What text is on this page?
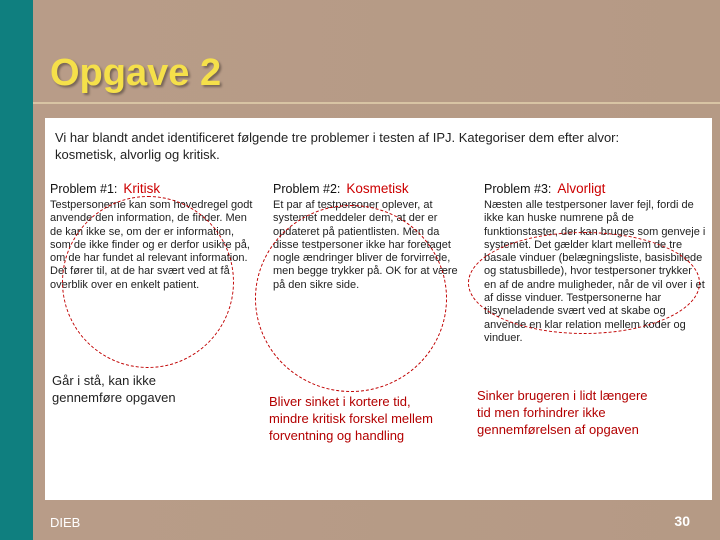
Opgave 2
Vi har blandt andet identificeret følgende tre problemer i testen af IPJ. Kategoriser dem efter alvor: kosmetisk, alvorlig og kritisk.
Problem #1: Kritisk
Testpersonerne kan som hovedregel godt anvende den information, de finder. Men de kan ikke se, om der er information, som de ikke finder og er derfor usikre på, om de har fundet al relevant information. Det fører til, at de har svært ved at få overblik over en enkelt patient.
Går i stå, kan ikke gennemføre opgaven
Problem #2: Kosmetisk
Et par af testpersoner oplever, at systemet meddeler dem, at der er opdateret på patientlisten. Men da disse testpersoner ikke har foretaget nogle ændringer bliver de forvirrede, men begge trykker på. OK for at være på den sikre side.
Bliver sinket i kortere tid, mindre kritisk forskel mellem forventning og handling
Problem #3: Alvorligt
Næsten alle testpersoner laver fejl, fordi de ikke kan huske numrene på de funktionstaster, der kan bruges som genveje i systemet. Det gælder klart mellem de tre basale vinduer (belægningsliste, basisbillede og statusbillede), hvor testpersoner trykker en af de andre muligheder, når de vil over i et af disse vinduer. Testpersonerne har tilsyneladende svært ved at skabe og anvende en klar relation mellem koder og vinduer.
Sinker brugeren i lidt længere tid men forhindrer ikke gennemførelsen af opgaven
DIEB	30
